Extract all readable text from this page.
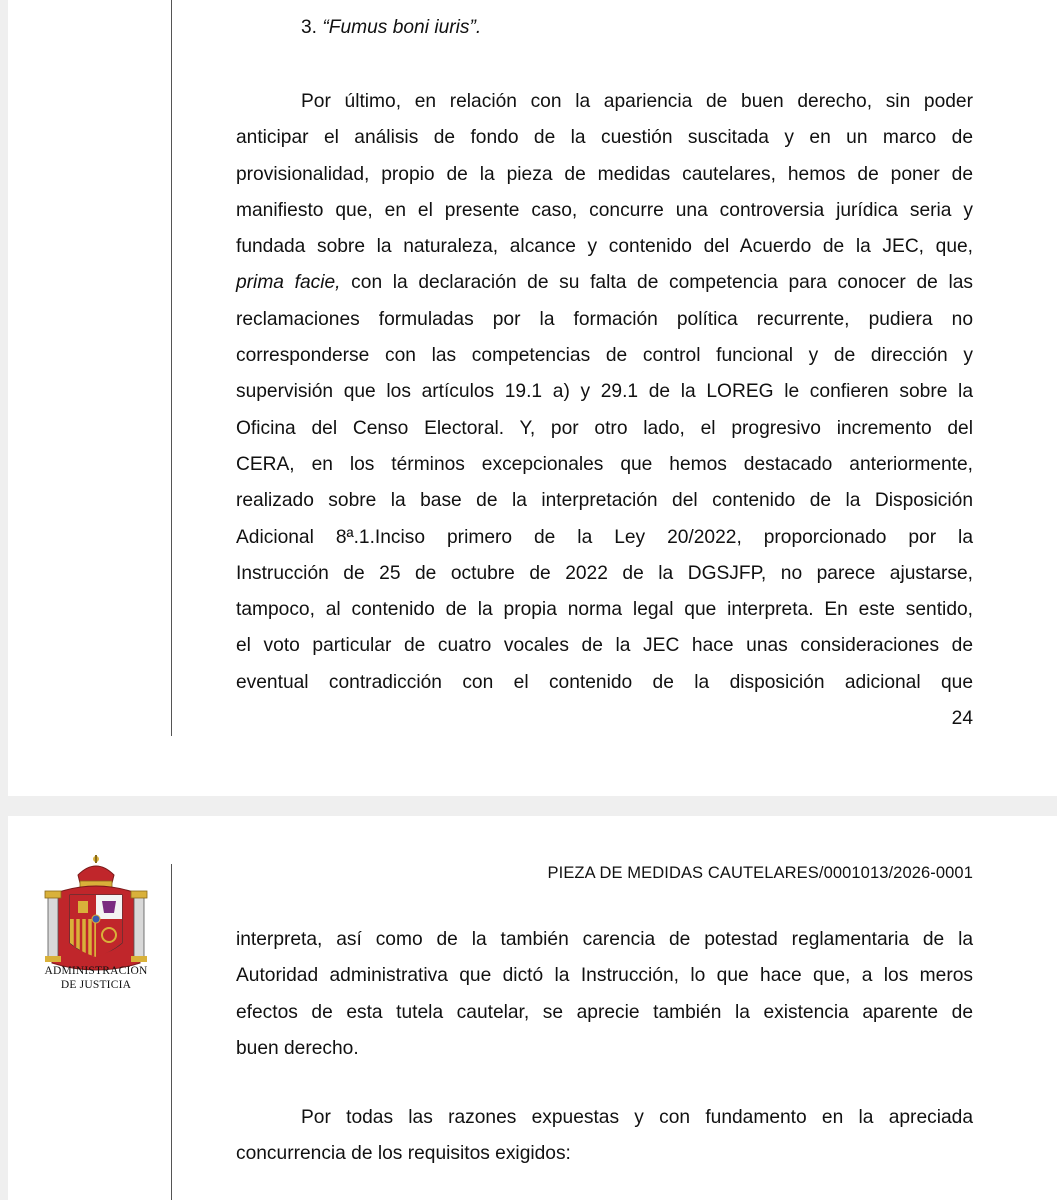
3. “Fumus boni iuris”.
Por último, en relación con la apariencia de buen derecho, sin poder
anticipar el análisis de fondo de la cuestión suscitada y en un marco de
provisionalidad, propio de la pieza de medidas cautelares, hemos de poner de
manifiesto que, en el presente caso, concurre una controversia jurídica seria y
fundada sobre la naturaleza, alcance y contenido del Acuerdo de la JEC, que,
prima facie, con la declaración de su falta de competencia para conocer de las
reclamaciones formuladas por la formación política recurrente, pudiera no
corresponderse con las competencias de control funcional y de dirección y
supervisión que los artículos 19.1 a) y 29.1 de la LOREG le confieren sobre la
Oficina del Censo Electoral. Y, por otro lado, el progresivo incremento del
CERA, en los términos excepcionales que hemos destacado anteriormente,
realizado sobre la base de la interpretación del contenido de la Disposición
Adicional 8ª.1.Inciso primero de la Ley 20/2022, proporcionado por la
Instrucción de 25 de octubre de 2022 de la DGSJFP, no parece ajustarse,
tampoco, al contenido de la propia norma legal que interpreta. En este sentido,
el voto particular de cuatro vocales de la JEC hace unas consideraciones de
eventual contradicción con el contenido de la disposición adicional que
24
ADMINISTRACION
DE JUSTICIA
PIEZA DE MEDIDAS CAUTELARES/0001013/2026-0001
interpreta, así como de la también carencia de potestad reglamentaria de la
Autoridad administrativa que dictó la Instrucción, lo que hace que, a los meros
efectos de esta tutela cautelar, se aprecie también la existencia aparente de
buen derecho.
Por todas las razones expuestas y con fundamento en la apreciada
concurrencia de los requisitos exigidos:
